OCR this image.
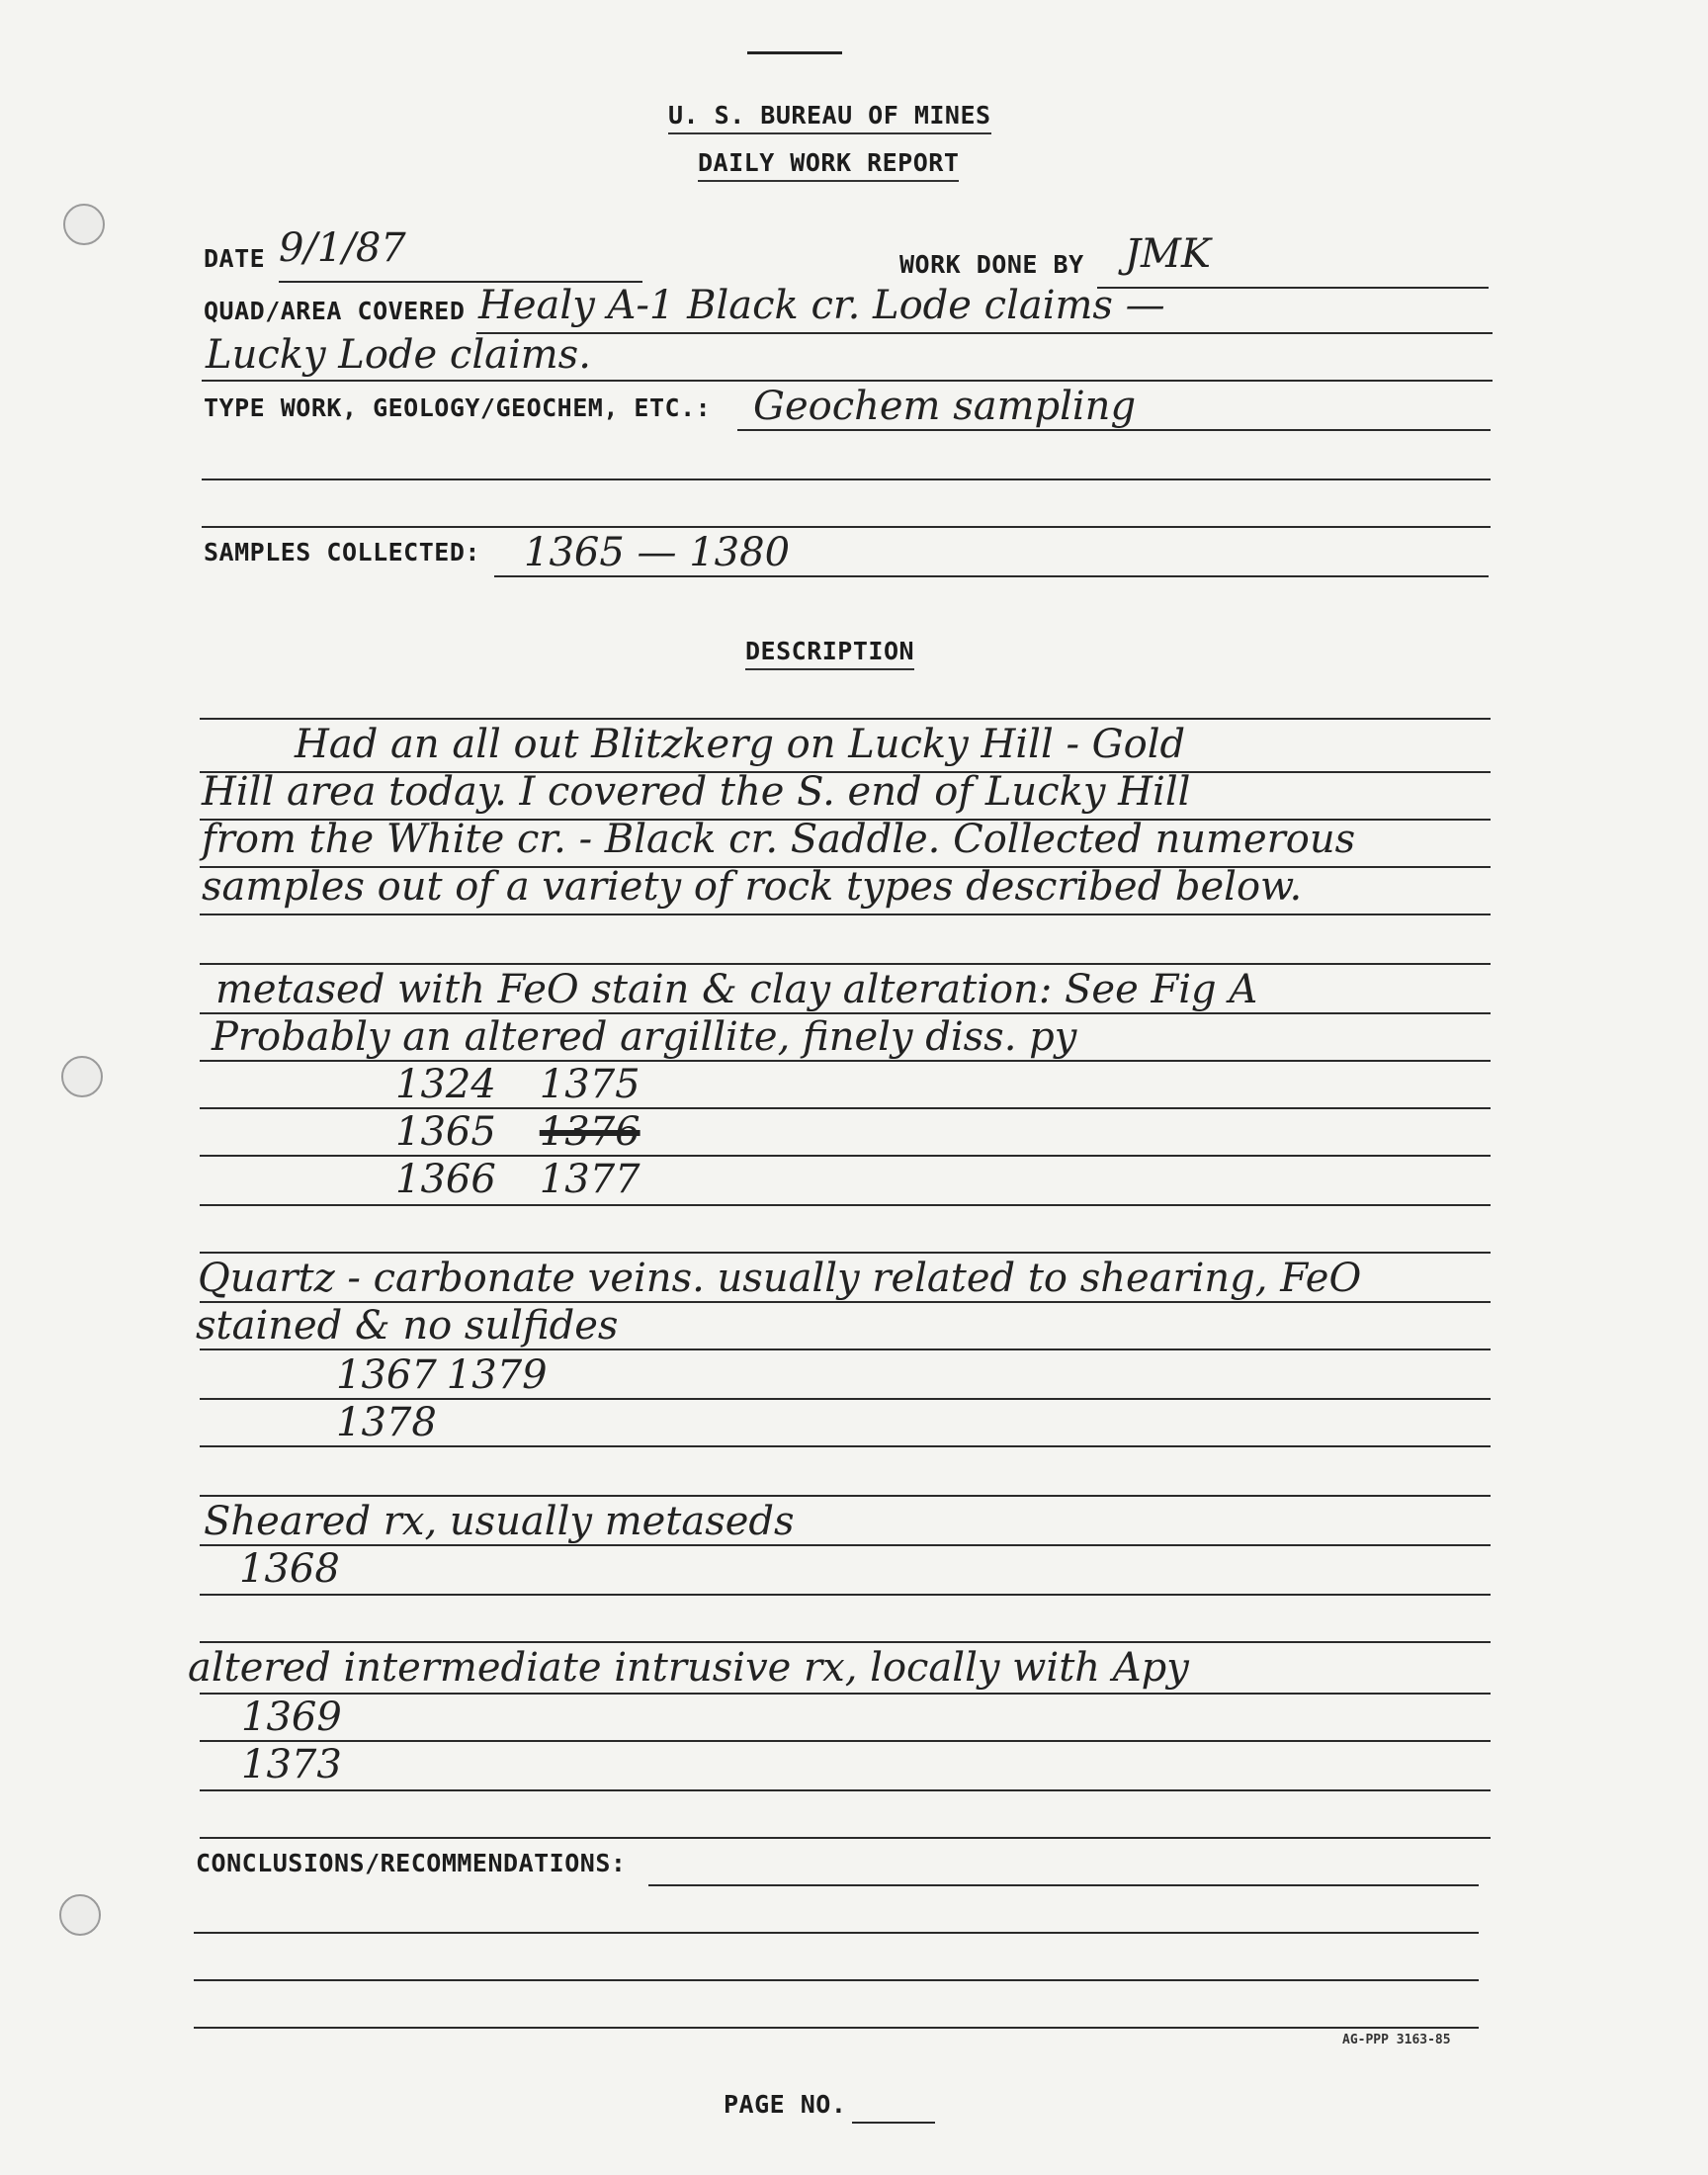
U. S. BUREAU OF MINES
DAILY WORK REPORT
DATE 9/1/87	WORK DONE BY JMK
QUAD/AREA COVERED Healy A-1 Black cr. Lode claims —
Lucky Lode claims.
TYPE WORK, GEOLOGY/GEOCHEM, ETC.: Geochem sampling
SAMPLES COLLECTED: 1365 — 1380
DESCRIPTION
Had an all out Blitzkerg on Lucky Hill - Gold
Hill area today. I covered the S. end of Lucky Hill
from the White cr. - Black cr. Saddle. Collected numerous
samples out of a variety of rock types described below.
metased with FeO stain & clay alteration: See Fig A
Probably an altered argillite, finely diss. py
1324 1375
1365 1376
1366 1377
Quartz - carbonate veins. usually related to shearing, FeO
stained & no sulfides
1367 1379
1378
Sheared rx, usually metaseds
1368
altered intermediate intrusive rx, locally with Apy
1369
1373
CONCLUSIONS/RECOMMENDATIONS:
AG-PPP 3163-85
PAGE NO.
